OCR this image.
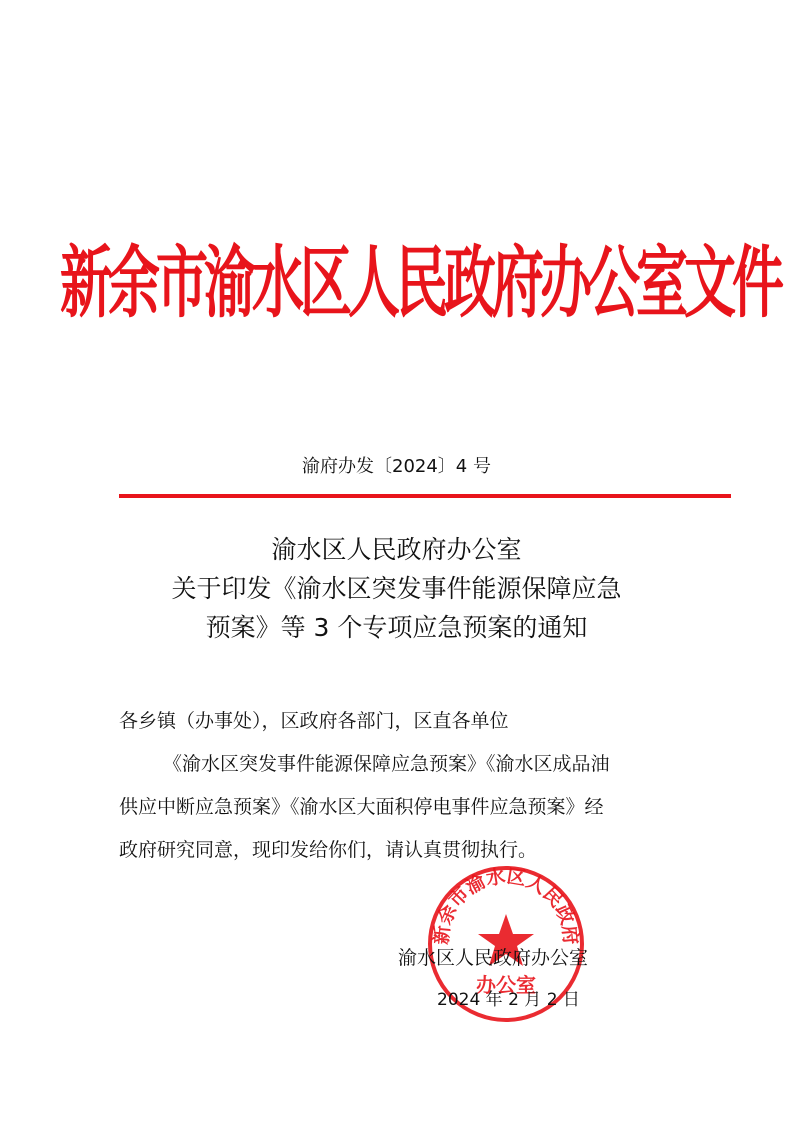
新余市渝水区人民政府办公室文件
渝府办发〔2024〕4 号
渝水区人民政府办公室
关于印发《渝水区突发事件能源保障应急
预案》等 3 个专项应急预案的通知
各乡镇（办事处），区政府各部门，区直各单位
《渝水区突发事件能源保障应急预案》《渝水区成品油
供应中断应急预案》《渝水区大面积停电事件应急预案》经
政府研究同意，现印发给你们，请认真贯彻执行。
新余市渝水区人民政府
办公室
渝水区人民政府办公室
2024 年 2 月 2 日
